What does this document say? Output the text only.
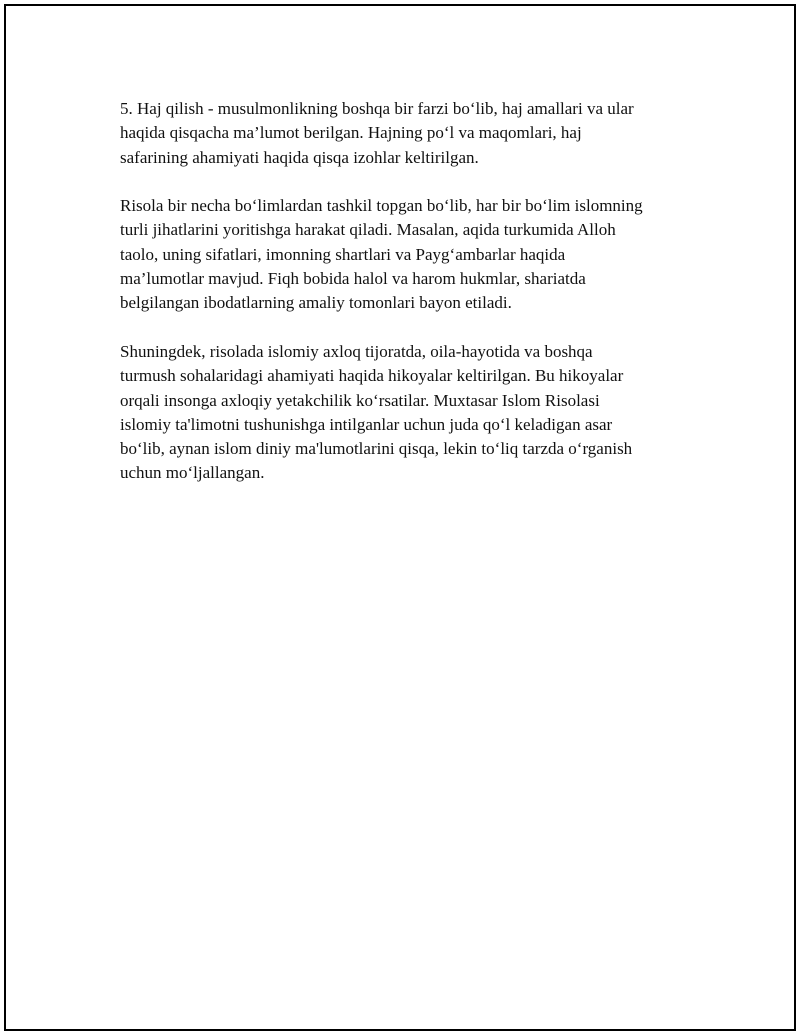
5. Haj qilish - musulmonlikning boshqa bir farzi bo‘lib, haj amallari va ular
haqida qisqacha ma’lumot berilgan. Hajning po‘l va maqomlari, haj
safarining ahamiyati haqida qisqa izohlar keltirilgan.

Risola bir necha bo‘limlardan tashkil topgan bo‘lib, har bir bo‘lim islomning
turli jihatlarini yoritishga harakat qiladi. Masalan, aqida turkumida Alloh
taolo, uning sifatlari, imonning shartlari va Payg‘ambarlar haqida
ma’lumotlar mavjud. Fiqh bobida halol va harom hukmlar, shariatda
belgilangan ibodatlarning amaliy tomonlari bayon etiladi.

Shuningdek, risolada islomiy axloq tijoratda, oila-hayotida va boshqa
turmush sohalaridagi ahamiyati haqida hikoyalar keltirilgan. Bu hikoyalar
orqali insonga axloqiy yetakchilik ko‘rsatilar. Muxtasar Islom Risolasi
islomiy ta'limotni tushunishga intilganlar uchun juda qo‘l keladigan asar
bo‘lib, aynan islom diniy ma'lumotlarini qisqa, lekin to‘liq tarzda o‘rganish
uchun mo‘ljallangan.
